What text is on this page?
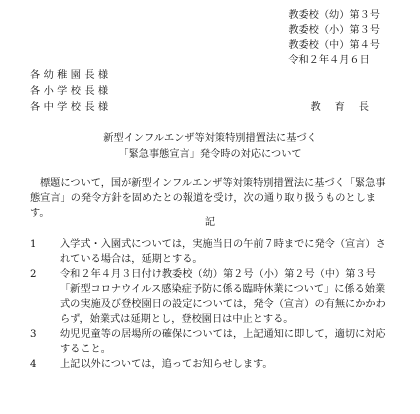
教委校（幼）第３号
教委校（小）第３号
教委校（中）第４号
令和２年４月６日
各幼稚園長様
各小学校長様
各中学校長様	教育長
新型インフルエンザ等対策特別措置法に基づく
「緊急事態宣言」発令時の対応について
標題について，国が新型インフルエンザ等対策特別措置法に基づく「緊急事態宣言」の発令方針を固めたとの報道を受け，次の通り取り扱うものとします。
記
1	入学式・入園式については，実施当日の午前７時までに発令（宣言）されている場合は，延期とする。
2	令和２年４月３日付け教委校（幼）第２号（小）第２号（中）第３号「新型コロナウイルス感染症予防に係る臨時休業について」に係る始業式の実施及び登校園日の設定については，発令（宣言）の有無にかかわらず，始業式は延期とし，登校園日は中止とする。
3	幼児児童等の居場所の確保については，上記通知に即して，適切に対応すること。
4	上記以外については，追ってお知らせします。
